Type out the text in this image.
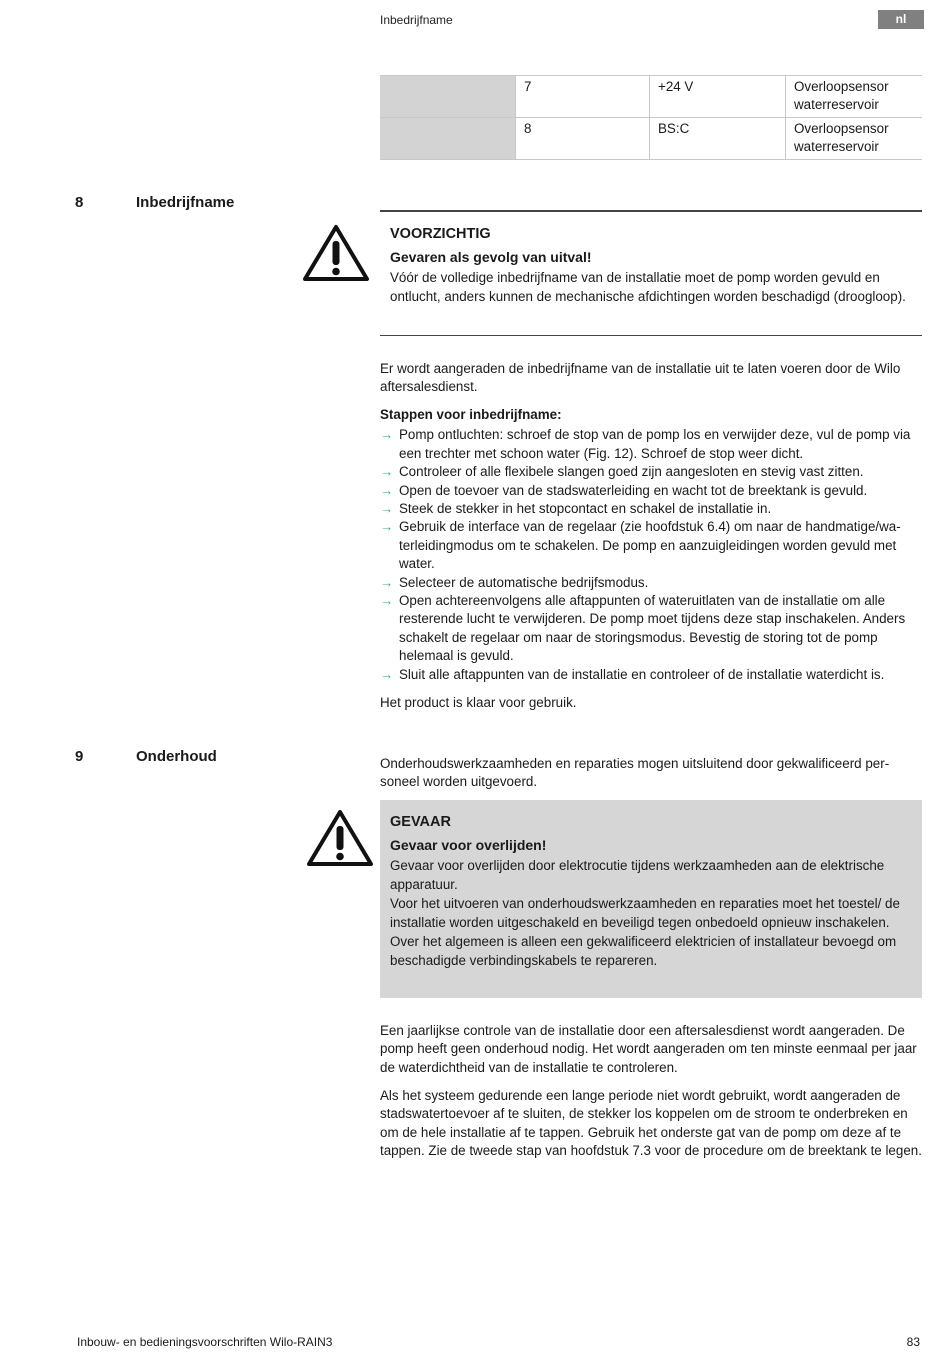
Inbedrijfname	nl
	7	+24 V	Overloopsensor waterreservoir
	8	BS:C	Overloopsensor waterreservoir
8	Inbedrijfname
VOORZICHTIG
Gevaren als gevolg van uitval!
Vóór de volledige inbedrijfname van de installatie moet de pomp worden gevuld en ontlucht, anders kunnen de mechanische afdichtingen worden beschadigd (droogloop).
Er wordt aangeraden de inbedrijfname van de installatie uit te laten voeren door de Wilo aftersalesdienst.
Stappen voor inbedrijfname:
→ Pomp ontluchten: schroef de stop van de pomp los en verwijder deze, vul de pomp via een trechter met schoon water (Fig. 12). Schroef de stop weer dicht.
→ Controleer of alle flexibele slangen goed zijn aangesloten en stevig vast zitten.
→ Open de toevoer van de stadswaterleiding en wacht tot de breektank is gevuld.
→ Steek de stekker in het stopcontact en schakel de installatie in.
→ Gebruik de interface van de regelaar (zie hoofdstuk 6.4) om naar de handmatige/waterleidingmodus om te schakelen. De pomp en aanzuigleidingen worden gevuld met water.
→ Selecteer de automatische bedrijfsmodus.
→ Open achtereenvolgens alle aftappunten of wateruitlaten van de installatie om alle resterende lucht te verwijderen. De pomp moet tijdens deze stap inschakelen. Anders schakelt de regelaar om naar de storingsmodus. Bevestig de storing tot de pomp helemaal is gevuld.
→ Sluit alle aftappunten van de installatie en controleer of de installatie waterdicht is.
Het product is klaar voor gebruik.
9	Onderhoud	Onderhoudswerkzaamheden en reparaties mogen uitsluitend door gekwalificeerd personeel worden uitgevoerd.
GEVAAR
Gevaar voor overlijden!
Gevaar voor overlijden door elektrocutie tijdens werkzaamheden aan de elektrische apparatuur.
Voor het uitvoeren van onderhoudswerkzaamheden en reparaties moet het toestel/ de installatie worden uitgeschakeld en beveiligd tegen onbedoeld opnieuw inschakelen.
Over het algemeen is alleen een gekwalificeerd elektricien of installateur bevoegd om beschadigde verbindingskabels te repareren.
Een jaarlijkse controle van de installatie door een aftersalesdienst wordt aangeraden. De pomp heeft geen onderhoud nodig. Het wordt aangeraden om ten minste eenmaal per jaar de waterdichtheid van de installatie te controleren.
Als het systeem gedurende een lange periode niet wordt gebruikt, wordt aangeraden de stadswatertoevoer af te sluiten, de stekker los koppelen om de stroom te onderbreken en om de hele installatie af te tappen. Gebruik het onderste gat van de pomp om deze af te tappen. Zie de tweede stap van hoofdstuk 7.3 voor de procedure om de breektank te legen.
Inbouw- en bedieningsvoorschriften Wilo-RAIN3	83
